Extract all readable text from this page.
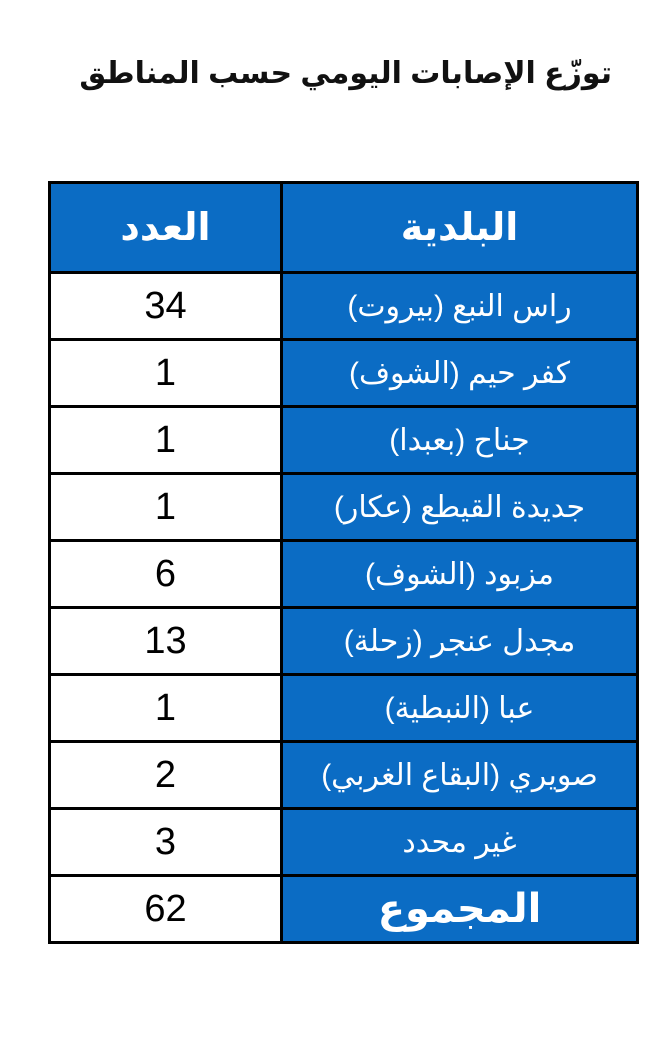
توزّع الإصابات اليومي حسب المناطق
العدد	البلدية
34	راس النبع (بيروت)
1	كفر حيم (الشوف)
1	جناح (بعبدا)
1	جديدة القيطع (عكار)
6	مزبود (الشوف)
13	مجدل عنجر (زحلة)
1	عبا (النبطية)
2	صويري (البقاع الغربي)
3	غير محدد
62	المجموع
